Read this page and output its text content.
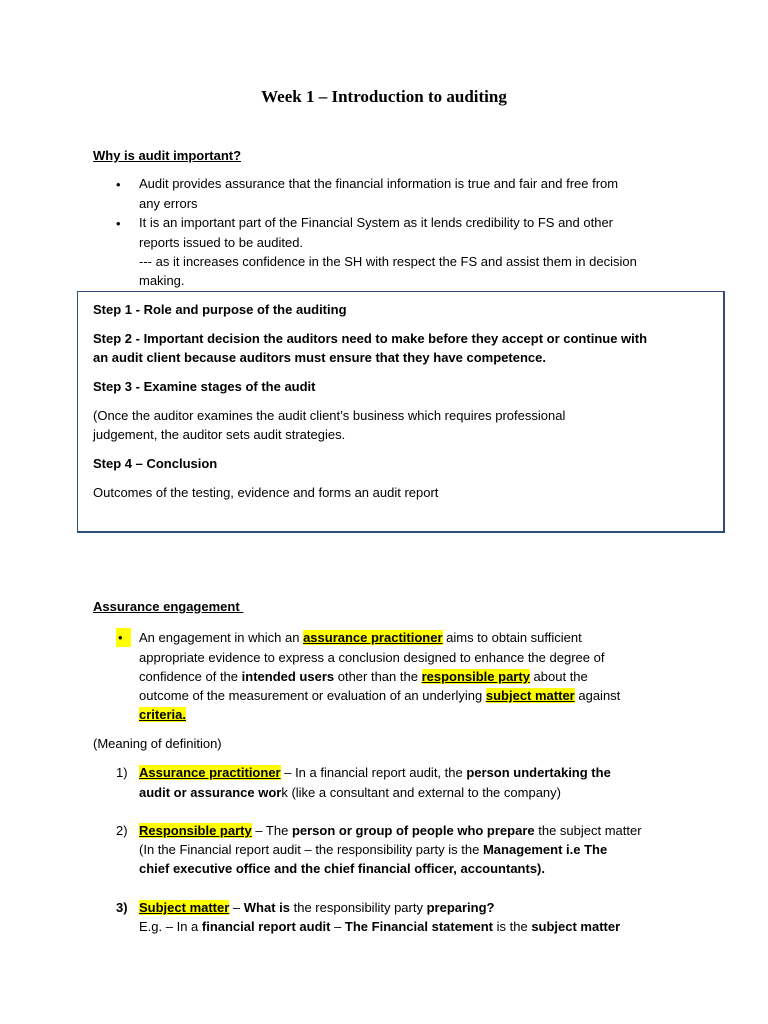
Week 1 – Introduction to auditing
Why is audit important?
• Audit provides assurance that the financial information is true and fair and free from
any errors
• It is an important part of the Financial System as it lends credibility to FS and other
reports issued to be audited.
--- as it increases confidence in the SH with respect the FS and assist them in decision
making.
Step 1 - Role and purpose of the auditing
Step 2 - Important decision the auditors need to make before they accept or continue with
an audit client because auditors must ensure that they have competence.
Step 3 - Examine stages of the audit
(Once the auditor examines the audit client’s business which requires professional
judgement, the auditor sets audit strategies.
Step 4 – Conclusion
Outcomes of the testing, evidence and forms an audit report
Assurance engagement
•	An engagement in which an assurance practitioner aims to obtain sufficient
appropriate evidence to express a conclusion designed to enhance the degree of
confidence of the intended users other than the responsible party about the
outcome of the measurement or evaluation of an underlying subject matter against
criteria.
(Meaning of definition)
1) Assurance practitioner – In a financial report audit, the person undertaking the
audit or assurance work (like a consultant and external to the company)
2) Responsible party – The person or group of people who prepare the subject matter
(In the Financial report audit – the responsibility party is the Management i.e The
chief executive office and the chief financial officer, accountants).
3) Subject matter – What is the responsibility party preparing?
E.g. – In a financial report audit – The Financial statement is the subject matter
